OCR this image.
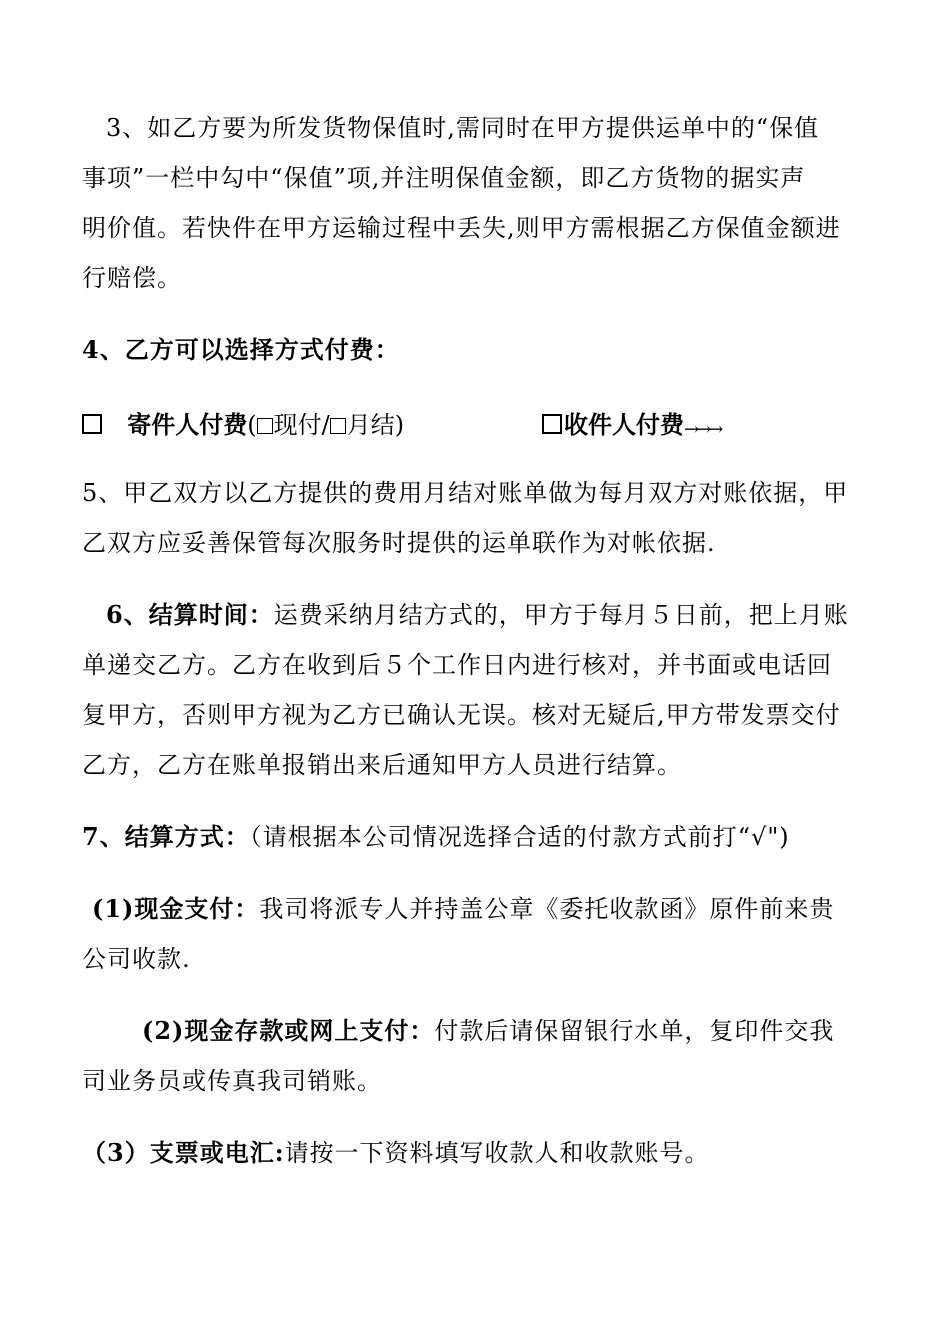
3、如乙方要为所发货物保值时,需同时在甲方提供运单中的“保值
事项”一栏中勾中“保值”项,并注明保值金额，即乙方货物的据实声
明价值。若快件在甲方运输过程中丢失,则甲方需根据乙方保值金额进
行赔偿。
4、乙方可以选择方式付费：
寄件人付费( 现付/ 月结)	收件人付费→→→
5、甲乙双方以乙方提供的费用月结对账单做为每月双方对账依据，甲
乙双方应妥善保管每次服务时提供的运单联作为对帐依据.
6、结算时间：运费采纳月结方式的，甲方于每月５日前，把上月账
单递交乙方。乙方在收到后５个工作日内进行核对，并书面或电话回
复甲方，否则甲方视为乙方已确认无误。核对无疑后,甲方带发票交付
乙方，乙方在账单报销出来后通知甲方人员进行结算。
7、结算方式：（请根据本公司情况选择合适的付款方式前打“√")
(1)现金支付：我司将派专人并持盖公章《委托收款函》原件前来贵
公司收款.
(2)现金存款或网上支付：付款后请保留银行水单，复印件交我
司业务员或传真我司销账。
（3）支票或电汇:请按一下资料填写收款人和收款账号。
